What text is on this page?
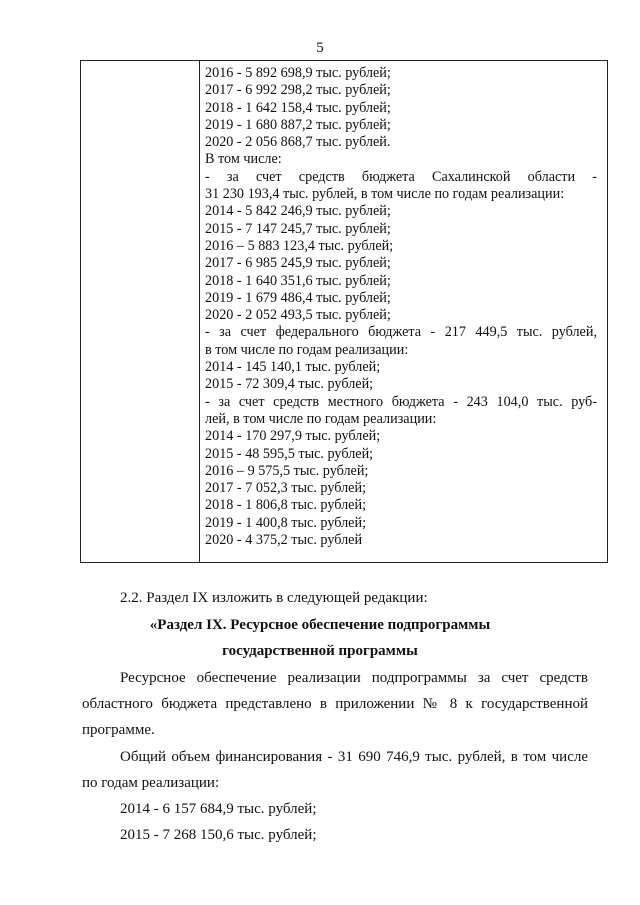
5
2016 - 5 892 698,9 тыс. рублей;
2017 - 6 992 298,2 тыс. рублей;
2018 - 1 642 158,4 тыс. рублей;
2019 - 1 680 887,2 тыс. рублей;
2020 - 2 056 868,7 тыс. рублей.
В том числе:
- за счет средств бюджета Сахалинской области -
31 230 193,4 тыс. рублей, в том числе по годам реализации:
2014 - 5 842 246,9 тыс. рублей;
2015 - 7 147 245,7 тыс. рублей;
2016 – 5 883 123,4 тыс. рублей;
2017 - 6 985 245,9 тыс. рублей;
2018 - 1 640 351,6 тыс. рублей;
2019 - 1 679 486,4 тыс. рублей;
2020 - 2 052 493,5 тыс. рублей;
- за счет федерального бюджета - 217 449,5 тыс. рублей,
в том числе по годам реализации:
2014 - 145 140,1 тыс. рублей;
2015 - 72 309,4 тыс. рублей;
- за счет средств местного бюджета - 243 104,0 тыс. руб-
лей, в том числе по годам реализации:
2014 - 170 297,9 тыс. рублей;
2015 - 48 595,5 тыс. рублей;
2016 – 9 575,5 тыс. рублей;
2017 - 7 052,3 тыс. рублей;
2018 - 1 806,8 тыс. рублей;
2019 - 1 400,8 тыс. рублей;
2020 - 4 375,2 тыс. рублей
2.2. Раздел IX изложить в следующей редакции:
«Раздел IX. Ресурсное обеспечение подпрограммы
государственной программы
Ресурсное обеспечение реализации подпрограммы за счет средств
областного бюджета представлено в приложении № 8 к государственной
программе.
Общий объем финансирования - 31 690 746,9 тыс. рублей, в том числе
по годам реализации:
2014 - 6 157 684,9 тыс. рублей;
2015 - 7 268 150,6 тыс. рублей;
